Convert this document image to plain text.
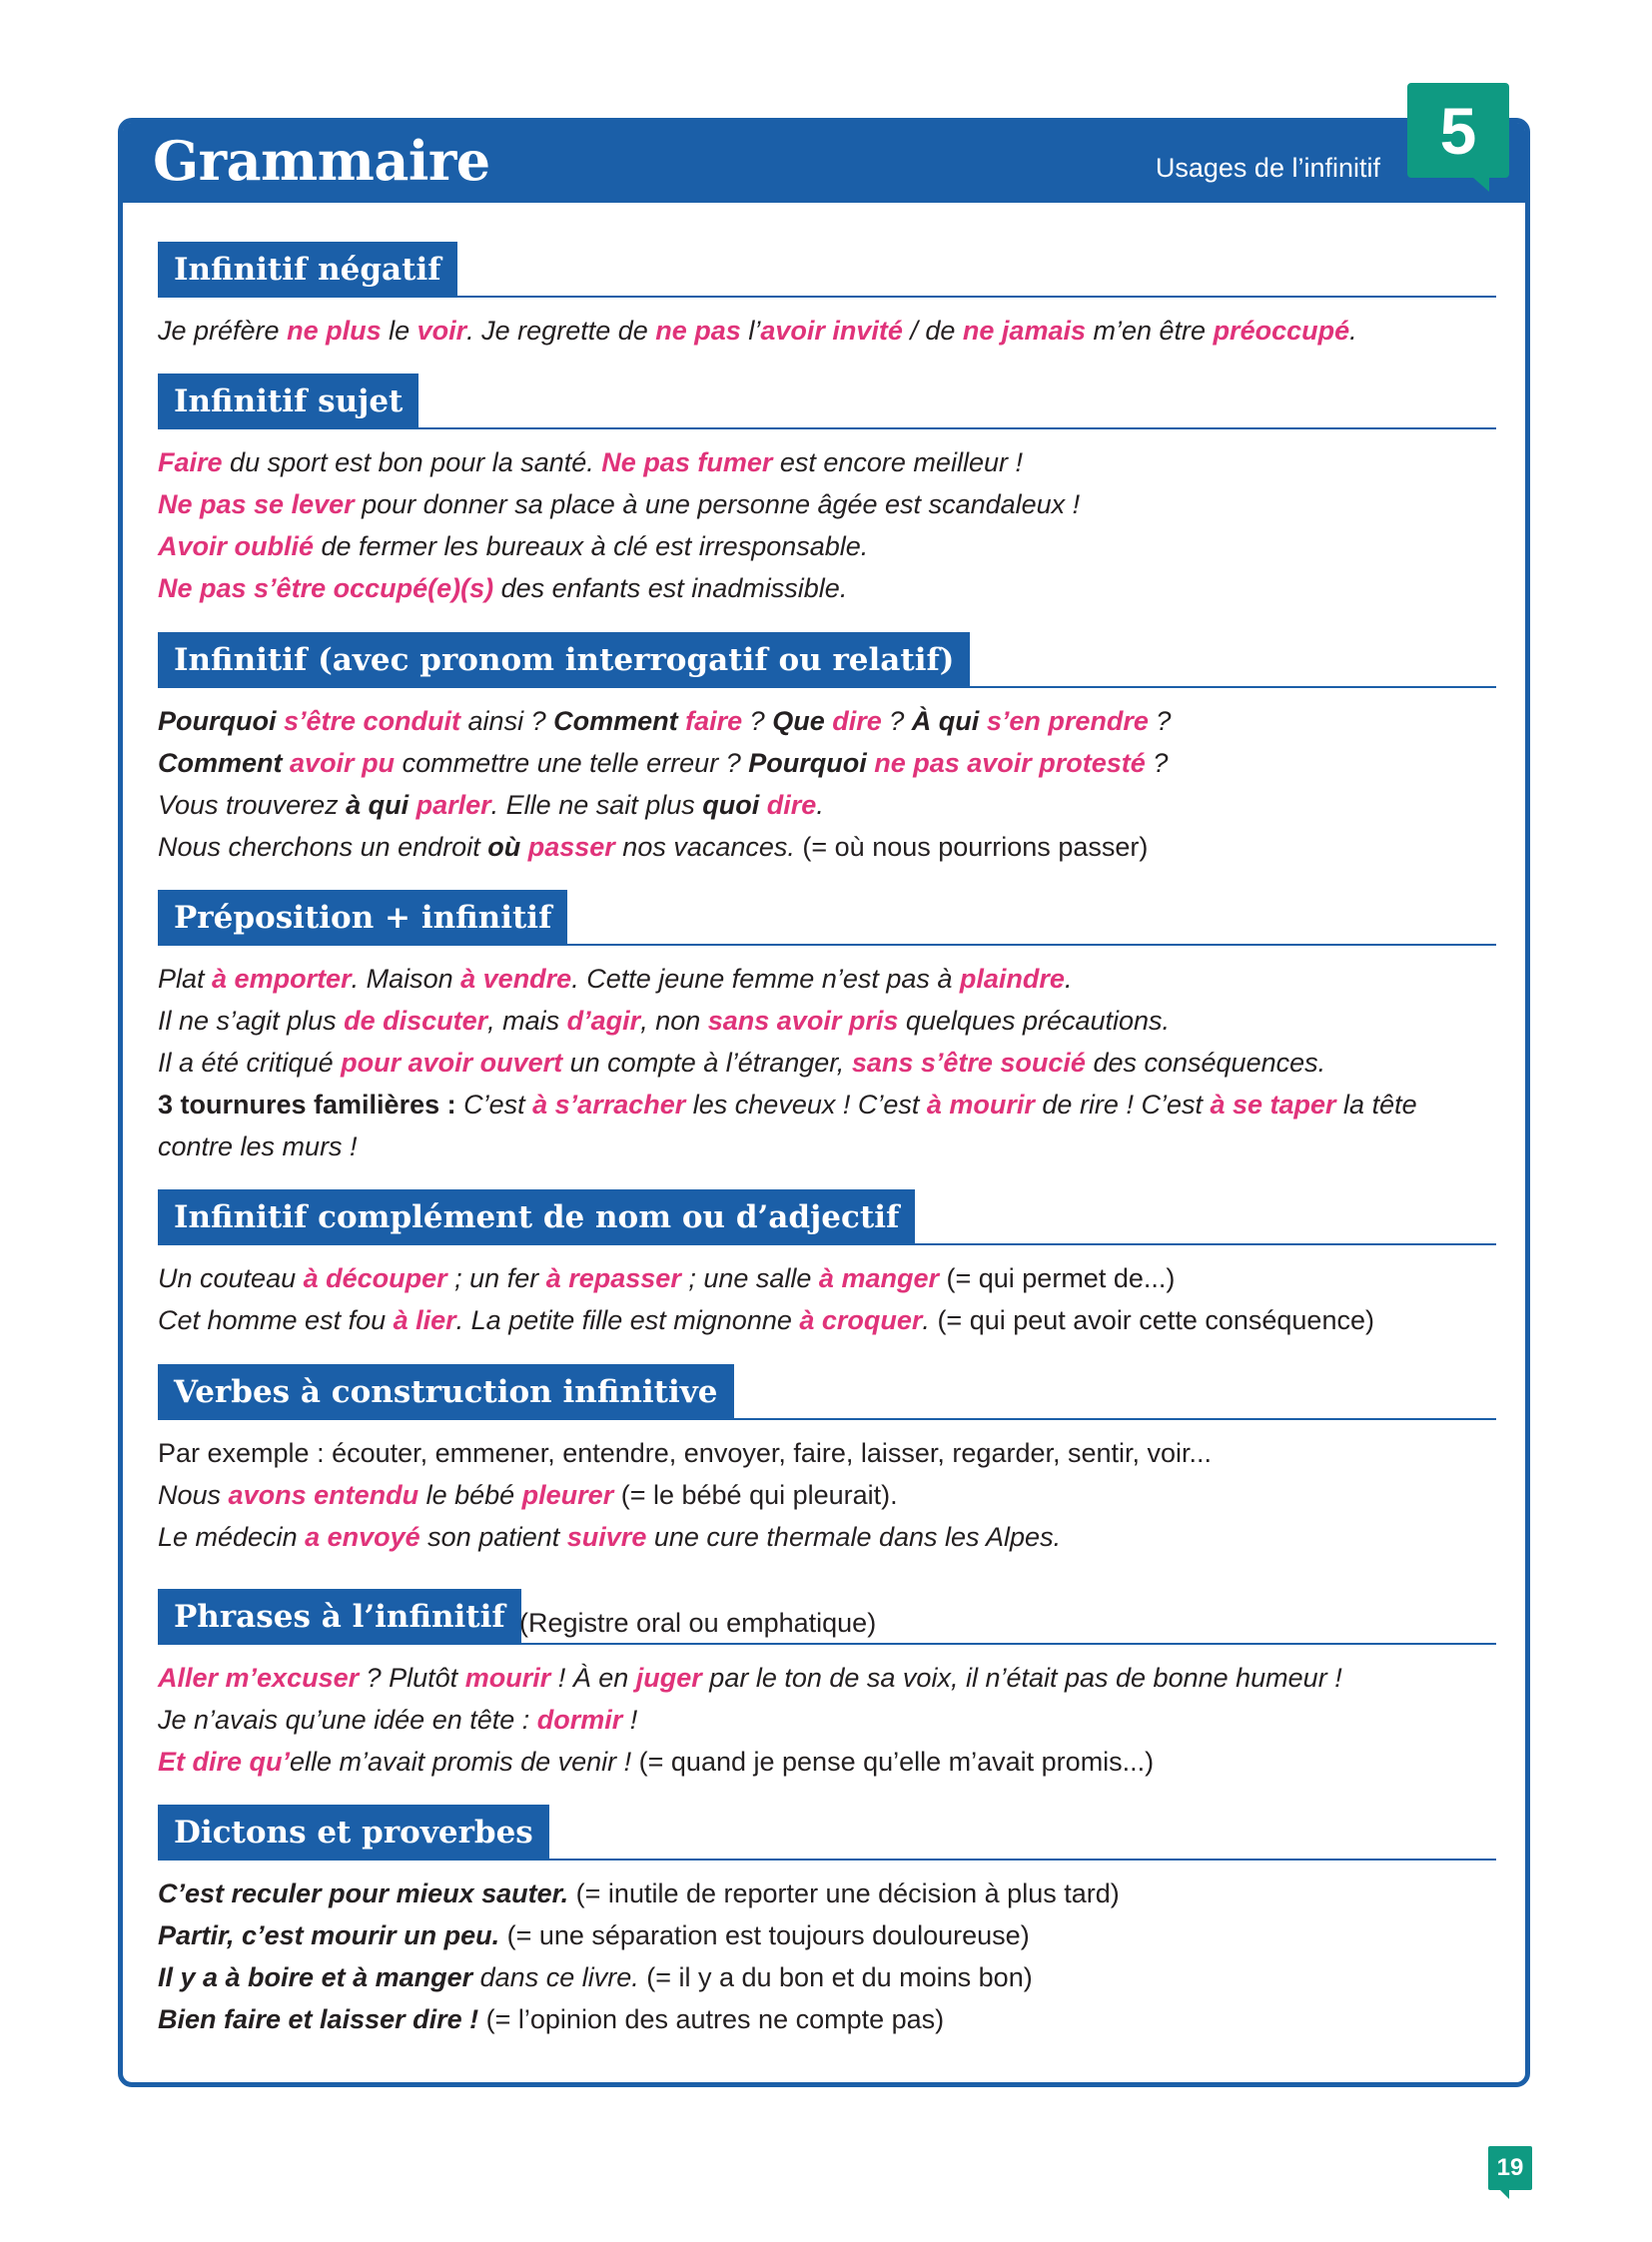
Grammaire	Usages de l’infinitif
5
Infinitif négatif
Je préfère ne plus le voir. Je regrette de ne pas l’avoir invité / de ne jamais m’en être préoccupé.
Infinitif sujet
Faire du sport est bon pour la santé. Ne pas fumer est encore meilleur !
Ne pas se lever pour donner sa place à une personne âgée est scandaleux !
Avoir oublié de fermer les bureaux à clé est irresponsable.
Ne pas s’être occupé(e)(s) des enfants est inadmissible.
Infinitif (avec pronom interrogatif ou relatif)
Pourquoi s’être conduit ainsi ? Comment faire ? Que dire ? À qui s’en prendre ?
Comment avoir pu commettre une telle erreur ? Pourquoi ne pas avoir protesté ?
Vous trouverez à qui parler. Elle ne sait plus quoi dire.
Nous cherchons un endroit où passer nos vacances. (= où nous pourrions passer)
Préposition + infinitif
Plat à emporter. Maison à vendre. Cette jeune femme n’est pas à plaindre.
Il ne s’agit plus de discuter, mais d’agir, non sans avoir pris quelques précautions.
Il a été critiqué pour avoir ouvert un compte à l’étranger, sans s’être soucié des conséquences.
3 tournures familières : C’est à s’arracher les cheveux ! C’est à mourir de rire ! C’est à se taper la tête contre les murs !
Infinitif complément de nom ou d’adjectif
Un couteau à découper ; un fer à repasser ; une salle à manger (= qui permet de...)
Cet homme est fou à lier. La petite fille est mignonne à croquer. (= qui peut avoir cette conséquence)
Verbes à construction infinitive
Par exemple : écouter, emmener, entendre, envoyer, faire, laisser, regarder, sentir, voir...
Nous avons entendu le bébé pleurer (= le bébé qui pleurait).
Le médecin a envoyé son patient suivre une cure thermale dans les Alpes.
Phrases à l’infinitif (Registre oral ou emphatique)
Aller m’excuser ? Plutôt mourir ! À en juger par le ton de sa voix, il n’était pas de bonne humeur !
Je n’avais qu’une idée en tête : dormir !
Et dire qu’elle m’avait promis de venir ! (= quand je pense qu’elle m’avait promis...)
Dictons et proverbes
C’est reculer pour mieux sauter. (= inutile de reporter une décision à plus tard)
Partir, c’est mourir un peu. (= une séparation est toujours douloureuse)
Il y a à boire et à manger dans ce livre. (= il y a du bon et du moins bon)
Bien faire et laisser dire ! (= l’opinion des autres ne compte pas)
19
